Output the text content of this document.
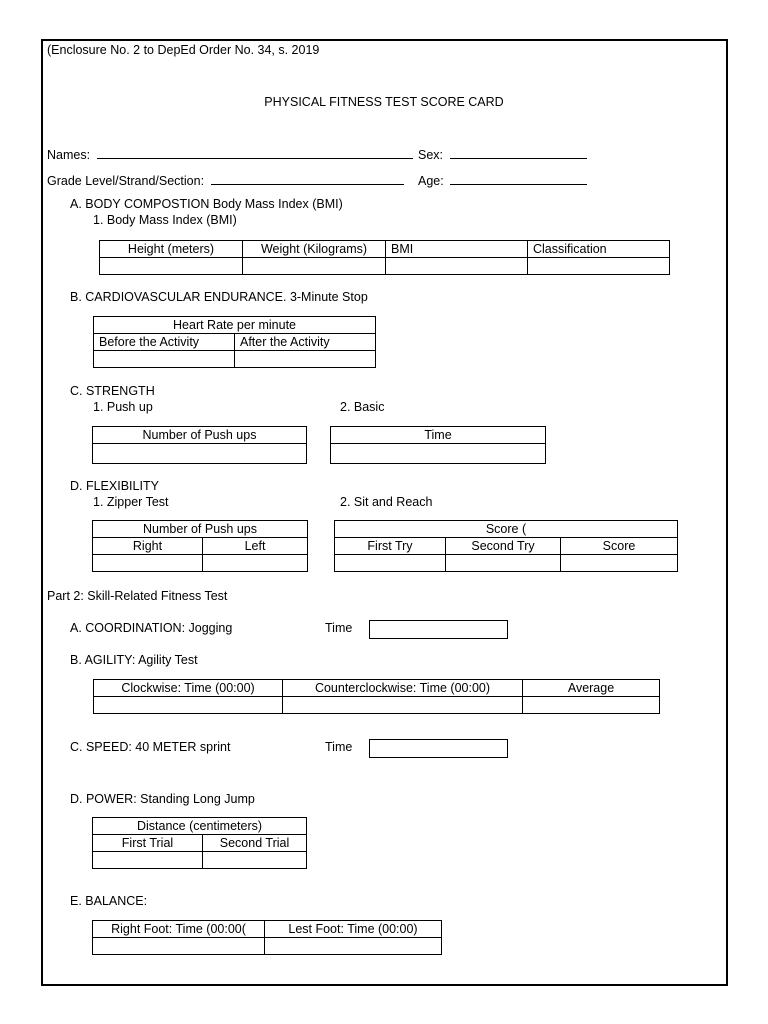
(Enclosure No. 2 to DepEd Order No. 34, s. 2019
PHYSICAL FITNESS TEST SCORE CARD
Names:	Sex:
Grade Level/Strand/Section:	Age:
A. BODY COMPOSTION Body Mass Index (BMI)
1. Body Mass Index (BMI)
Height (meters)	Weight (Kilograms)	BMI	Classification

B. CARDIOVASCULAR ENDURANCE. 3-Minute Stop
Heart Rate per minute	
Before the Activity	After the Activity

C. STRENGTH
1. Push up	2. Basic
Number of Push ups	Time

D. FLEXIBILITY
1. Zipper Test	2. Sit and Reach
Number of Push ups	
Right	Left

Score (		
First Try	Second Try	Score

Part 2: Skill-Related Fitness Test
A. COORDINATION: Jogging	Time
B. AGILITY: Agility Test
Clockwise: Time (00:00)	Counterclockwise: Time (00:00)	Average

C. SPEED: 40 METER sprint	Time
D. POWER: Standing Long Jump
Distance (centimeters)	
First Trial	Second Trial

E. BALANCE:
Right Foot: Time (00:00(	Lest Foot: Time (00:00)
